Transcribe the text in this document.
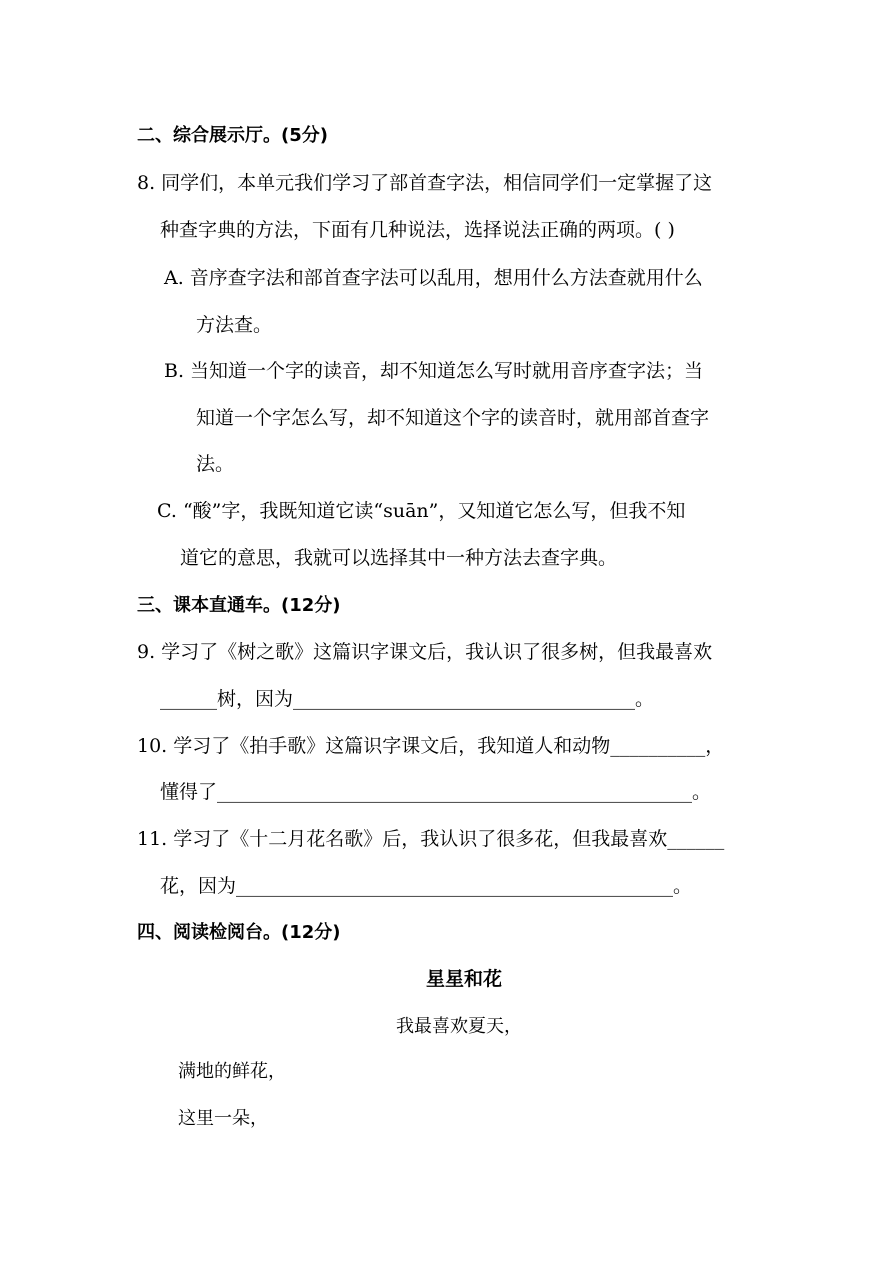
二、综合展示厅。(5分)
8. 同学们，本单元我们学习了部首查字法，相信同学们一定掌握了这
种查字典的方法，下面有几种说法，选择说法正确的两项。( )
A. 音序查字法和部首查字法可以乱用，想用什么方法查就用什么
方法查。
B. 当知道一个字的读音，却不知道怎么写时就用音序查字法；当
知道一个字怎么写，却不知道这个字的读音时，就用部首查字
法。
C. “酸”字，我既知道它读“suān”，又知道它怎么写，但我不知
道它的意思，我就可以选择其中一种方法去查字典。
三、课本直通车。(12分)
9. 学习了《树之歌》这篇识字课文后，我认识了很多树，但我最喜欢
______树，因为____________________________________。
10. 学习了《拍手歌》这篇识字课文后，我知道人和动物__________，
懂得了__________________________________________________。
11. 学习了《十二月花名歌》后，我认识了很多花，但我最喜欢______
花，因为______________________________________________。
四、阅读检阅台。(12分)
星星和花
我最喜欢夏天，
满地的鲜花，
这里一朵，
